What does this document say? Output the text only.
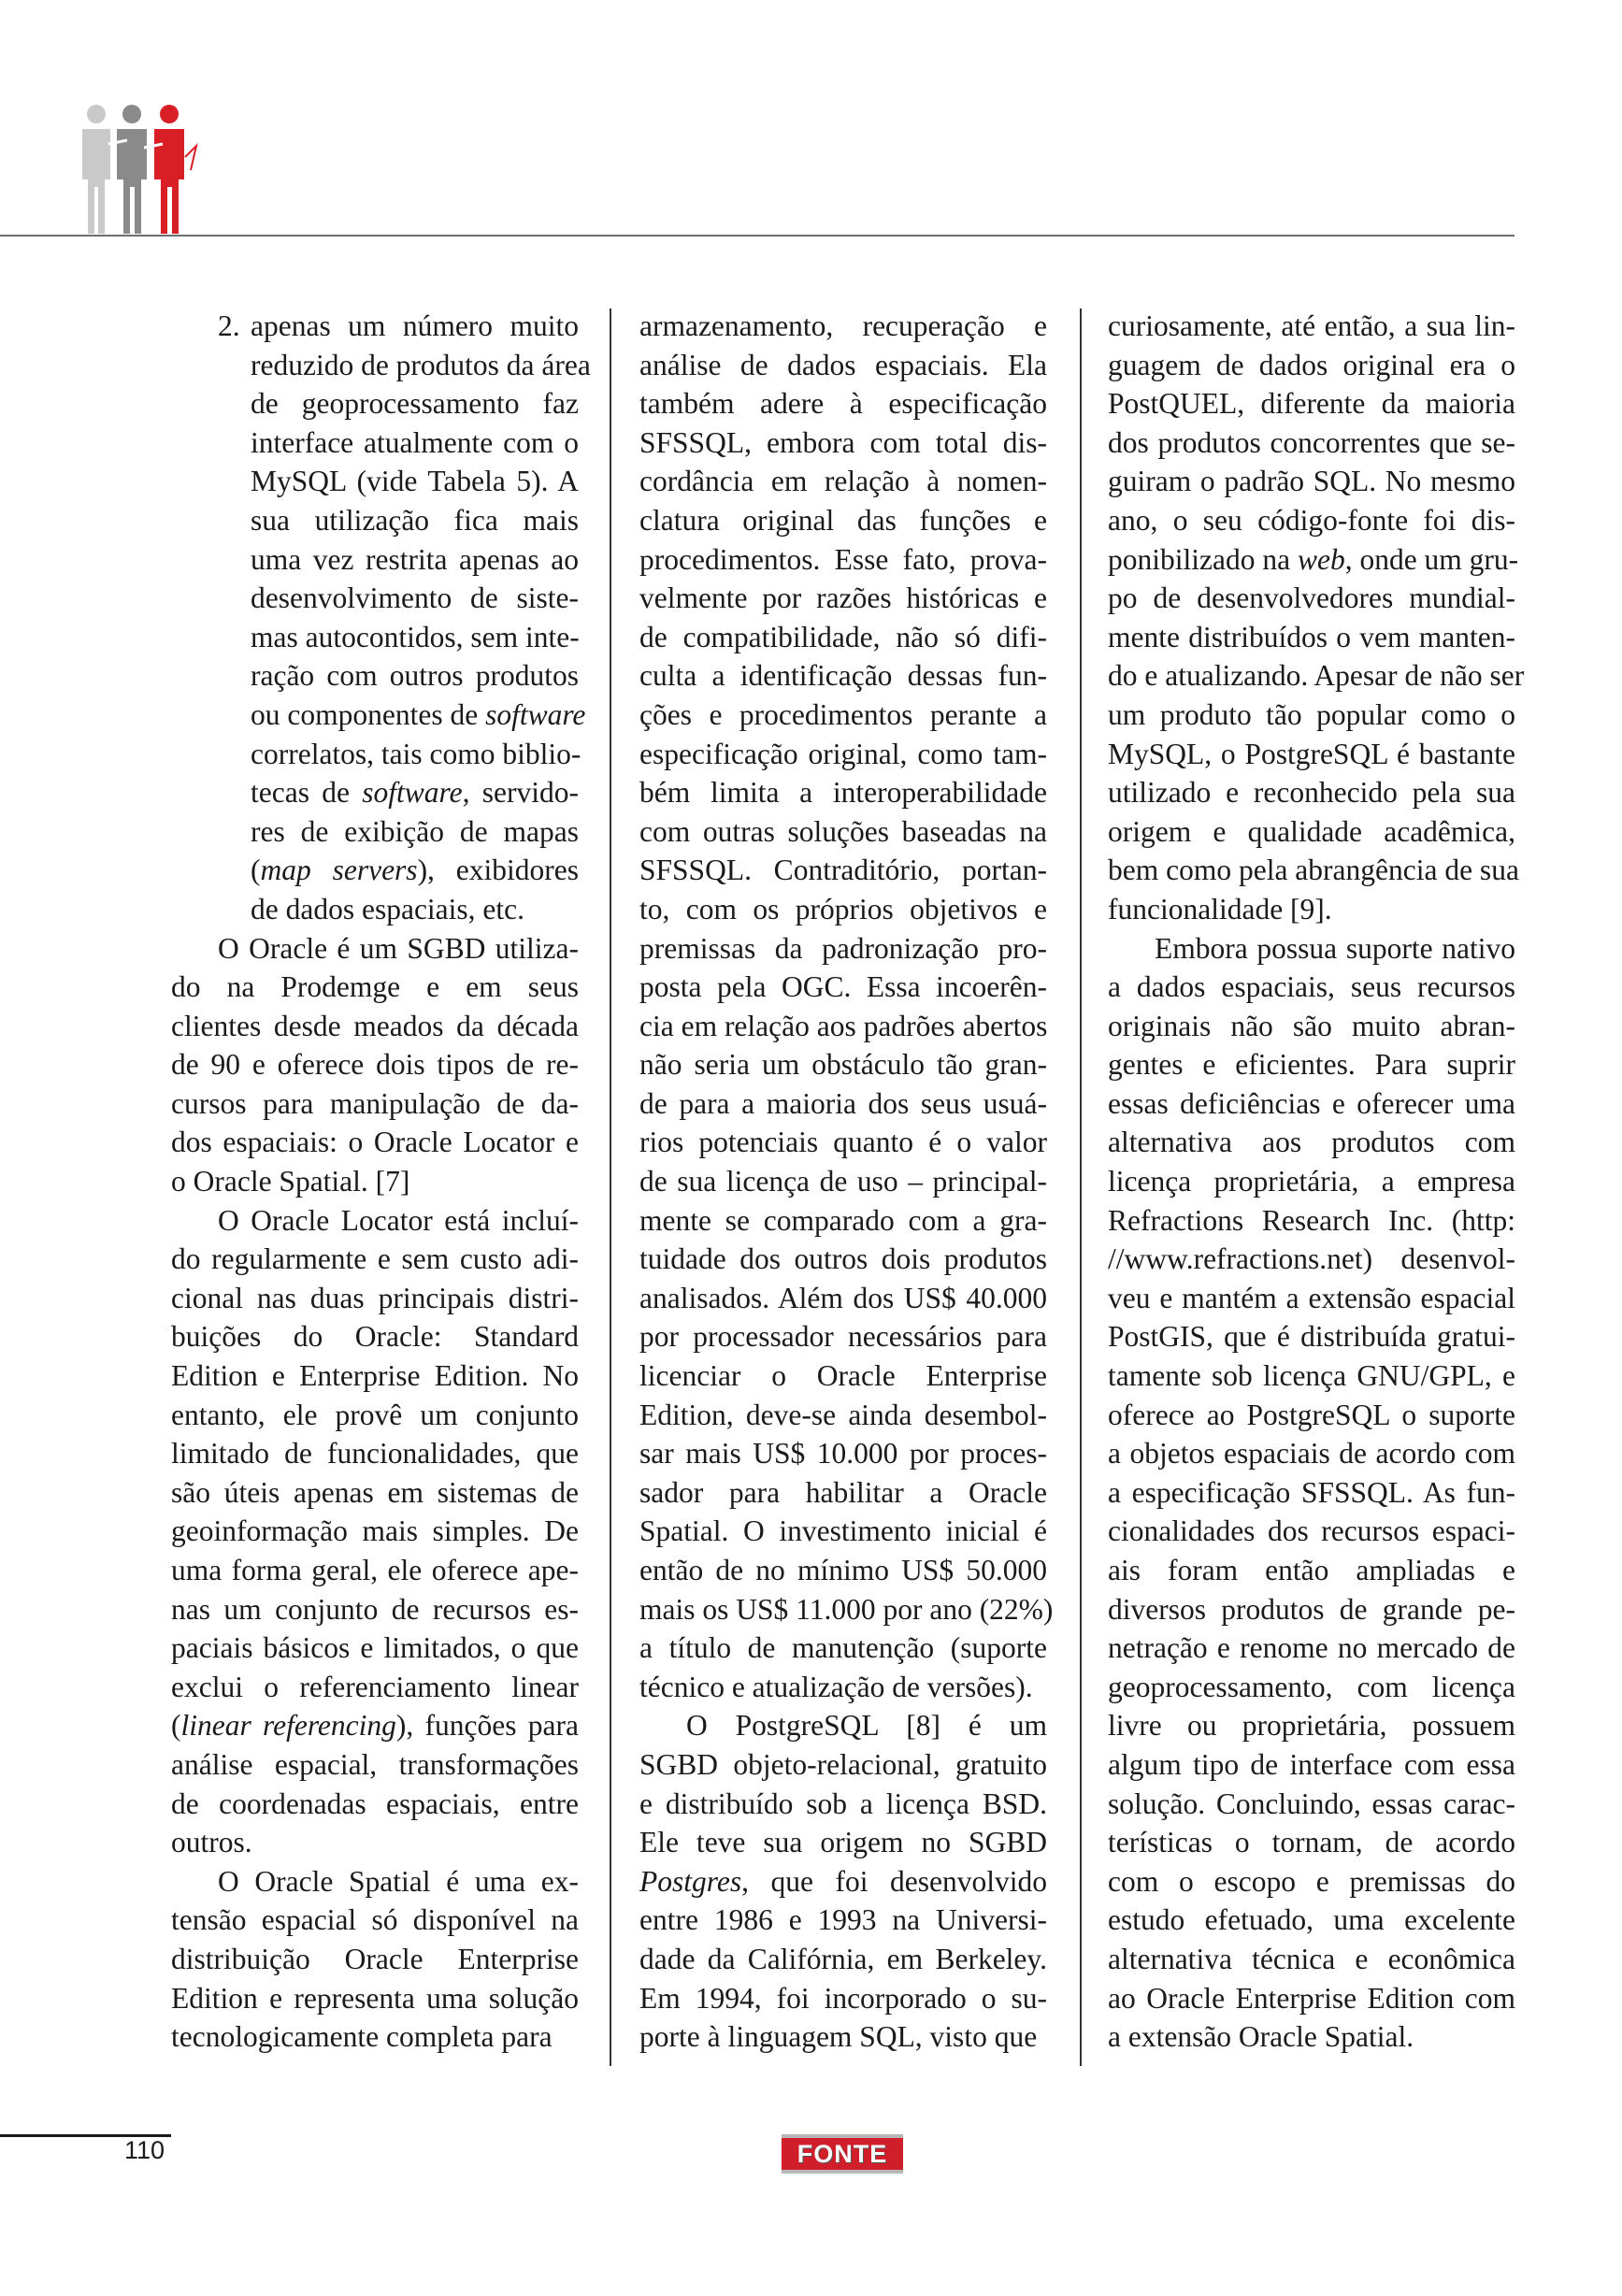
2. apenas um número muito
reduzido de produtos da área
de geoprocessamento faz
interface atualmente com o
MySQL (vide Tabela 5). A
sua utilização fica mais
uma vez restrita apenas ao
desenvolvimento de siste-
mas autocontidos, sem inte-
ração com outros produtos
ou componentes de software
correlatos, tais como biblio-
tecas de software, servido-
res de exibição de mapas
(map servers), exibidores
de dados espaciais, etc.

O Oracle é um SGBD utiliza-
do na Prodemge e em seus
clientes desde meados da década
de 90 e oferece dois tipos de re-
cursos para manipulação de da-
dos espaciais: o Oracle Locator e
o Oracle Spatial. [7]

O Oracle Locator está incluí-
do regularmente e sem custo adi-
cional nas duas principais distri-
buições do Oracle: Standard
Edition e Enterprise Edition. No
entanto, ele provê um conjunto
limitado de funcionalidades, que
são úteis apenas em sistemas de
geoinformação mais simples. De
uma forma geral, ele oferece ape-
nas um conjunto de recursos es-
paciais básicos e limitados, o que
exclui o referenciamento linear
(linear referencing), funções para
análise espacial, transformações
de coordenadas espaciais, entre
outros.

O Oracle Spatial é uma ex-
tensão espacial só disponível na
distribuição Oracle Enterprise
Edition e representa uma solução
tecnologicamente completa para

armazenamento, recuperação e
análise de dados espaciais. Ela
também adere à especificação
SFSSQL, embora com total dis-
cordância em relação à nomen-
clatura original das funções e
procedimentos. Esse fato, prova-
velmente por razões históricas e
de compatibilidade, não só difi-
culta a identificação dessas fun-
ções e procedimentos perante a
especificação original, como tam-
bém limita a interoperabilidade
com outras soluções baseadas na
SFSSQL. Contraditório, portan-
to, com os próprios objetivos e
premissas da padronização pro-
posta pela OGC. Essa incoerên-
cia em relação aos padrões abertos
não seria um obstáculo tão gran-
de para a maioria dos seus usuá-
rios potenciais quanto é o valor
de sua licença de uso – principal-
mente se comparado com a gra-
tuidade dos outros dois produtos
analisados. Além dos US$ 40.000
por processador necessários para
licenciar o Oracle Enterprise
Edition, deve-se ainda desembol-
sar mais US$ 10.000 por proces-
sador para habilitar a Oracle
Spatial. O investimento inicial é
então de no mínimo US$ 50.000
mais os US$ 11.000 por ano (22%)
a título de manutenção (suporte
técnico e atualização de versões).

O PostgreSQL [8] é um
SGBD objeto-relacional, gratuito
e distribuído sob a licença BSD.
Ele teve sua origem no SGBD
Postgres, que foi desenvolvido
entre 1986 e 1993 na Universi-
dade da Califórnia, em Berkeley.
Em 1994, foi incorporado o su-
porte à linguagem SQL, visto que

curiosamente, até então, a sua lin-
guagem de dados original era o
PostQUEL, diferente da maioria
dos produtos concorrentes que se-
guiram o padrão SQL. No mesmo
ano, o seu código-fonte foi dis-
ponibilizado na web, onde um gru-
po de desenvolvedores mundial-
mente distribuídos o vem manten-
do e atualizando. Apesar de não ser
um produto tão popular como o
MySQL, o PostgreSQL é bastante
utilizado e reconhecido pela sua
origem e qualidade acadêmica,
bem como pela abrangência de sua
funcionalidade [9].

Embora possua suporte nativo
a dados espaciais, seus recursos
originais não são muito abran-
gentes e eficientes. Para suprir
essas deficiências e oferecer uma
alternativa aos produtos com
licença proprietária, a empresa
Refractions Research Inc. (http:
//www.refractions.net) desenvol-
veu e mantém a extensão espacial
PostGIS, que é distribuída gratui-
tamente sob licença GNU/GPL, e
oferece ao PostgreSQL o suporte
a objetos espaciais de acordo com
a especificação SFSSQL. As fun-
cionalidades dos recursos espaci-
ais foram então ampliadas e
diversos produtos de grande pe-
netração e renome no mercado de
geoprocessamento, com licença
livre ou proprietária, possuem
algum tipo de interface com essa
solução. Concluindo, essas carac-
terísticas o tornam, de acordo
com o escopo e premissas do
estudo efetuado, uma excelente
alternativa técnica e econômica
ao Oracle Enterprise Edition com
a extensão Oracle Spatial.

110	FONTE
